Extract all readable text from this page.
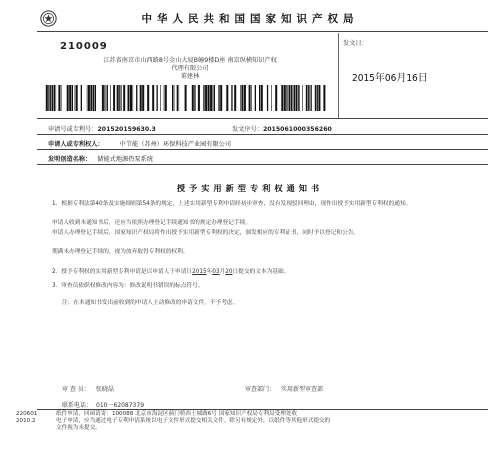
中华人民共和国国家知识产权局
210009
江苏省南京市山西路8号金山大厦B幢9楼D座 南京纵横知识产权
代理有限公司
董建林
发文日：
2015年06月16日
申请号或专利号：201520159630.3	发文序号：2015061000356260
申请人或专利权人：	中节能（苏州）环保科技产业园有限公司
发明创造名称： 储能式地源热泵系统
授予实用新型专利权通知书
1．根据专利法第40条及实施细则第54条的规定，上述实用新型专利申请经初步审查，没有发现驳回理由，现作出授予实用新型专利权的通知。
申请人收到本通知书后，还应当依照办理登记手续通知书的规定办理登记手续。
申请人办理登记手续后，国家知识产权局将作出授予实用新型专利权的决定，颁发相应的专利证书，同时予以登记和公告。
期满未办理登记手续的，视为放弃取得专利权的权利。
2．授予专利权的实用新型专利申请是以申请人于申请日2015年03月20日提交的文本为基础。
3．审查员依职权修改内容为：修改说明书错误的标点符号。
注：在本通知书发出前收到的申请人主动修改的申请文件，不予考虑。
审 查 员： 张晓晶	审查部门： 实用新型审查部
联系电话： 010－62087379
220601
2010.2
纸件申请，回函请寄：100088 北京市海淀区蓟门桥西土城路6号 国家知识产权局专利局受理处收
电子申请，应当通过电子专利申请系统以电子文件形式提交相关文件。除另有规定外，以纸件等其他形式提交的
文件视为未提交。
